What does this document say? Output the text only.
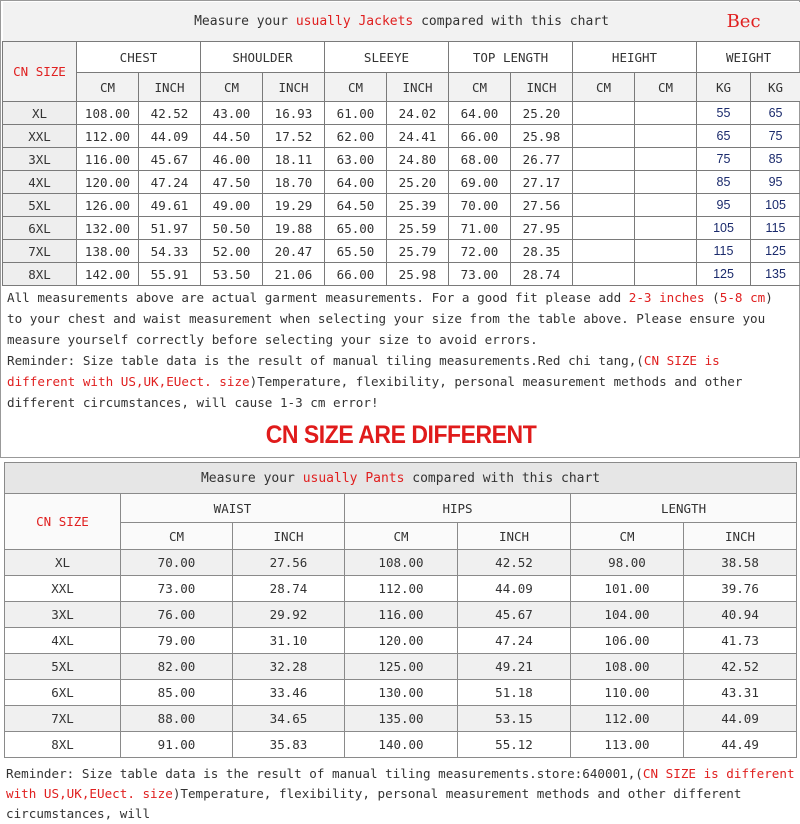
Measure your usually Jackets compared with this chart Bec												

CN SIZE	CHEST		SHOULDER		SLEEYE		TOP LENGTH		HEIGHT		WEIGHT	
	CM	INCH	CM	INCH	CM	INCH	CM	INCH	CM	CM	KG	KG
XL	108.00	42.52	43.00	16.93	61.00	24.02	64.00	25.20			55	65
XXL	112.00	44.09	44.50	17.52	62.00	24.41	66.00	25.98			65	75
3XL	116.00	45.67	46.00	18.11	63.00	24.80	68.00	26.77			75	85
4XL	120.00	47.24	47.50	18.70	64.00	25.20	69.00	27.17			85	95
5XL	126.00	49.61	49.00	19.29	64.50	25.39	70.00	27.56			95	105
6XL	132.00	51.97	50.50	19.88	65.00	25.59	71.00	27.95			105	115
7XL	138.00	54.33	52.00	20.47	65.50	25.79	72.00	28.35			115	125
8XL	142.00	55.91	53.50	21.06	66.00	25.98	73.00	28.74			125	135

All measurements above are actual garment measurements. For a good fit please add 2-3 inches (5-8 cm) to your chest and waist measurement when selecting your size from the table above. Please ensure you measure yourself correctly before selecting your size to avoid errors.

Reminder: Size table data is the result of manual tiling measurements.Red chi tang,(CN SIZE is different with US,UK,EUect. size)Temperature, flexibility, personal measurement methods and other different circumstances, will cause 1-3 cm error!

CN SIZE ARE DIFFERENT
Measure your usually Pants compared with this chart						
CN SIZE	WAIST		HIPS		LENGTH	
	CM	INCH	CM	INCH	CM	INCH
XL	70.00	27.56	108.00	42.52	98.00	38.58
XXL	73.00	28.74	112.00	44.09	101.00	39.76
3XL	76.00	29.92	116.00	45.67	104.00	40.94
4XL	79.00	31.10	120.00	47.24	106.00	41.73
5XL	82.00	32.28	125.00	49.21	108.00	42.52
6XL	85.00	33.46	130.00	51.18	110.00	43.31
7XL	88.00	34.65	135.00	53.15	112.00	44.09
8XL	91.00	35.83	140.00	55.12	113.00	44.49

Reminder: Size table data is the result of manual tiling measurements.store:640001,(CN SIZE is different with US,UK,EUect. size)Temperature, flexibility, personal measurement methods and other different circumstances, will
